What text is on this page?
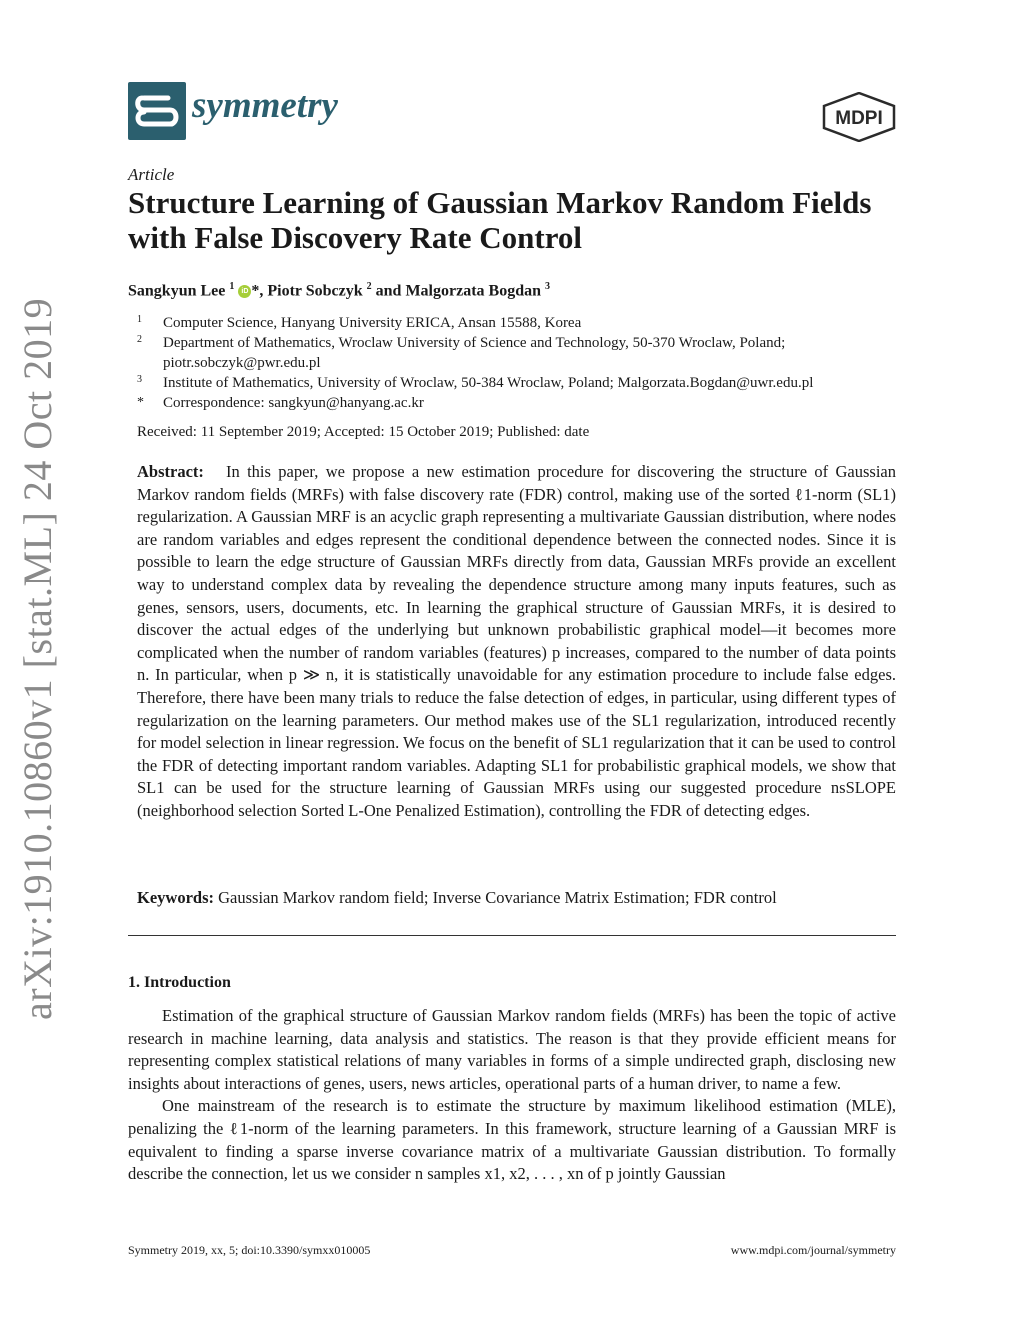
arXiv:1910.10860v1 [stat.ML] 24 Oct 2019
symmetry	MDPI
Article
Structure Learning of Gaussian Markov Random Fields with False Discovery Rate Control
Sangkyun Lee $^1$ iD *, Piotr Sobczyk $^2$ and Malgorzata Bogdan $^3$
1	Computer Science, Hanyang University ERICA, Ansan 15588, Korea
2	Department of Mathematics, Wroclaw University of Science and Technology, 50-370 Wroclaw, Poland;
piotr.sobczyk@pwr.edu.pl
3	Institute of Mathematics, University of Wroclaw, 50-384 Wroclaw, Poland; Malgorzata.Bogdan@uwr.edu.pl
*	Correspondence: sangkyun@hanyang.ac.kr
Received: 11 September 2019; Accepted: 15 October 2019; Published: date
Abstract: In this paper, we propose a new estimation procedure for discovering the structure of Gaussian Markov random fields (MRFs) with false discovery rate (FDR) control, making use of the sorted ℓ1-norm (SL1) regularization. A Gaussian MRF is an acyclic graph representing a multivariate Gaussian distribution, where nodes are random variables and edges represent the conditional dependence between the connected nodes. Since it is possible to learn the edge structure of Gaussian MRFs directly from data, Gaussian MRFs provide an excellent way to understand complex data by revealing the dependence structure among many inputs features, such as genes, sensors, users, documents, etc. In learning the graphical structure of Gaussian MRFs, it is desired to discover the actual edges of the underlying but unknown probabilistic graphical model—it becomes more complicated when the number of random variables (features) p increases, compared to the number of data points n. In particular, when p ≫ n, it is statistically unavoidable for any estimation procedure to include false edges. Therefore, there have been many trials to reduce the false detection of edges, in particular, using different types of regularization on the learning parameters. Our method makes use of the SL1 regularization, introduced recently for model selection in linear regression. We focus on the benefit of SL1 regularization that it can be used to control the FDR of detecting important random variables. Adapting SL1 for probabilistic graphical models, we show that SL1 can be used for the structure learning of Gaussian MRFs using our suggested procedure nsSLOPE (neighborhood selection Sorted L-One Penalized Estimation), controlling the FDR of detecting edges.
Keywords: Gaussian Markov random field; Inverse Covariance Matrix Estimation; FDR control
1. Introduction

Estimation of the graphical structure of Gaussian Markov random fields (MRFs) has been the topic of active research in machine learning, data analysis and statistics. The reason is that they provide efficient means for representing complex statistical relations of many variables in forms of a simple undirected graph, disclosing new insights about interactions of genes, users, news articles, operational parts of a human driver, to name a few.

One mainstream of the research is to estimate the structure by maximum likelihood estimation (MLE), penalizing the ℓ1-norm of the learning parameters. In this framework, structure learning of a Gaussian MRF is equivalent to finding a sparse inverse covariance matrix of a multivariate Gaussian distribution. To formally describe the connection, let us we consider n samples x1, x2, . . . , xn of p jointly Gaussian

Symmetry 2019, xx, 5; doi:10.3390/symxx010005	www.mdpi.com/journal/symmetry
